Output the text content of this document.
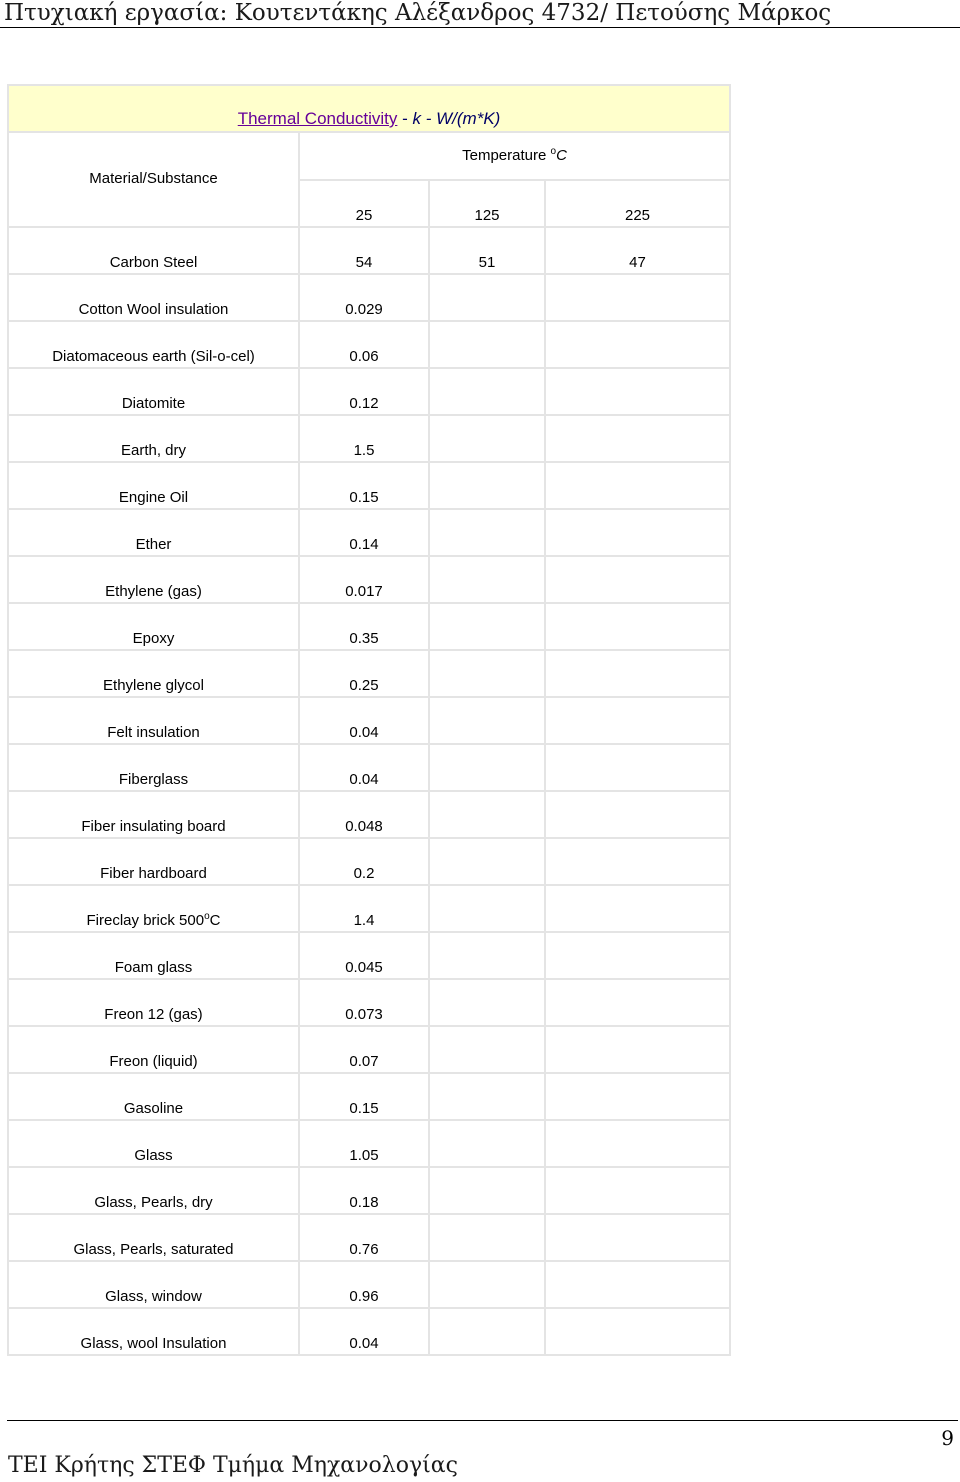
Πτυχιακή εργασία: Κουτεντάκης Αλέξανδρος 4732/ Πετούσης Μάρκος
Thermal Conductivity - k - W/(m*K)			
Material/Substance	Temperature $^o$C		
	25	125	225
Carbon Steel	54	51	47
Cotton Wool insulation	0.029		
Diatomaceous earth (Sil-o-cel)	0.06		
Diatomite	0.12		
Earth, dry	1.5		
Engine Oil	0.15		
Ether	0.14		
Ethylene (gas)	0.017		
Epoxy	0.35		
Ethylene glycol	0.25		
Felt insulation	0.04		
Fiberglass	0.04		
Fiber insulating board	0.048		
Fiber hardboard	0.2		
Fireclay brick 500$^o$C	1.4		
Foam glass	0.045		
Freon 12 (gas)	0.073		
Freon (liquid)	0.07		
Gasoline	0.15		
Glass	1.05		
Glass, Pearls, dry	0.18		
Glass, Pearls, saturated	0.76		
Glass, window	0.96		
Glass, wool Insulation	0.04		
9
ΤΕΙ Κρήτης ΣΤΕΦ Τμήμα Μηχανολογίας
